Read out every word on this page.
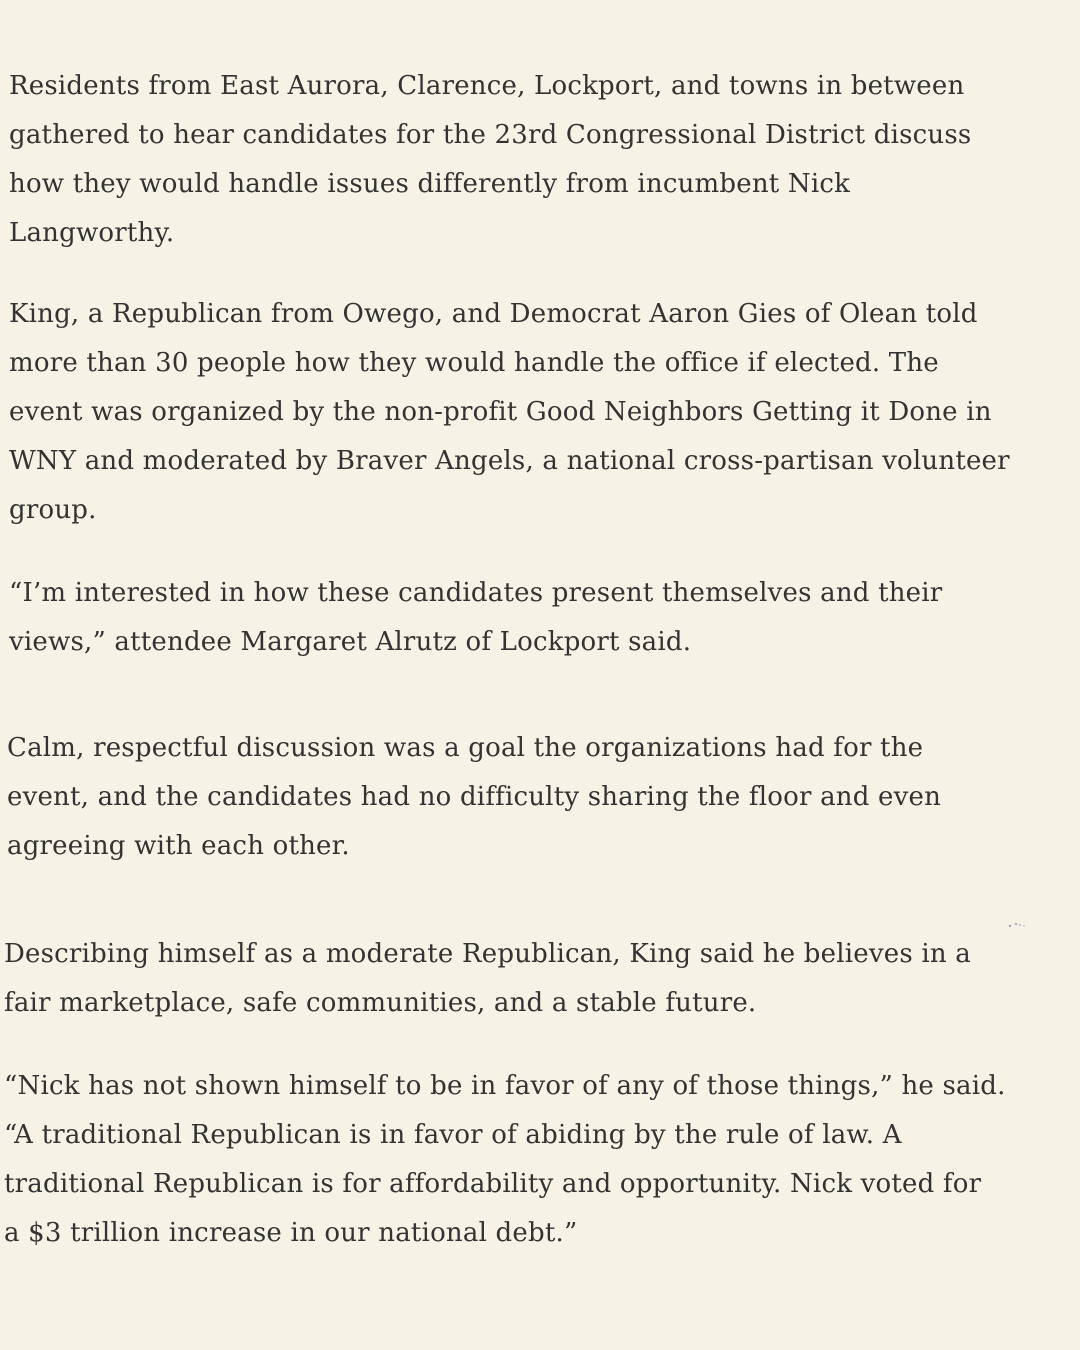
Residents from East Aurora, Clarence, Lockport, and towns in between
gathered to hear candidates for the 23rd Congressional District discuss
how they would handle issues differently from incumbent Nick
Langworthy.

King, a Republican from Owego, and Democrat Aaron Gies of Olean told
more than 30 people how they would handle the office if elected. The
event was organized by the non-profit Good Neighbors Getting it Done in
WNY and moderated by Braver Angels, a national cross-partisan volunteer
group.

“I’m interested in how these candidates present themselves and their
views,” attendee Margaret Alrutz of Lockport said.

Calm, respectful discussion was a goal the organizations had for the
event, and the candidates had no difficulty sharing the floor and even
agreeing with each other.

Describing himself as a moderate Republican, King said he believes in a
fair marketplace, safe communities, and a stable future.

“Nick has not shown himself to be in favor of any of those things,” he said.
“A traditional Republican is in favor of abiding by the rule of law. A
traditional Republican is for affordability and opportunity. Nick voted for
a $3 trillion increase in our national debt.”
